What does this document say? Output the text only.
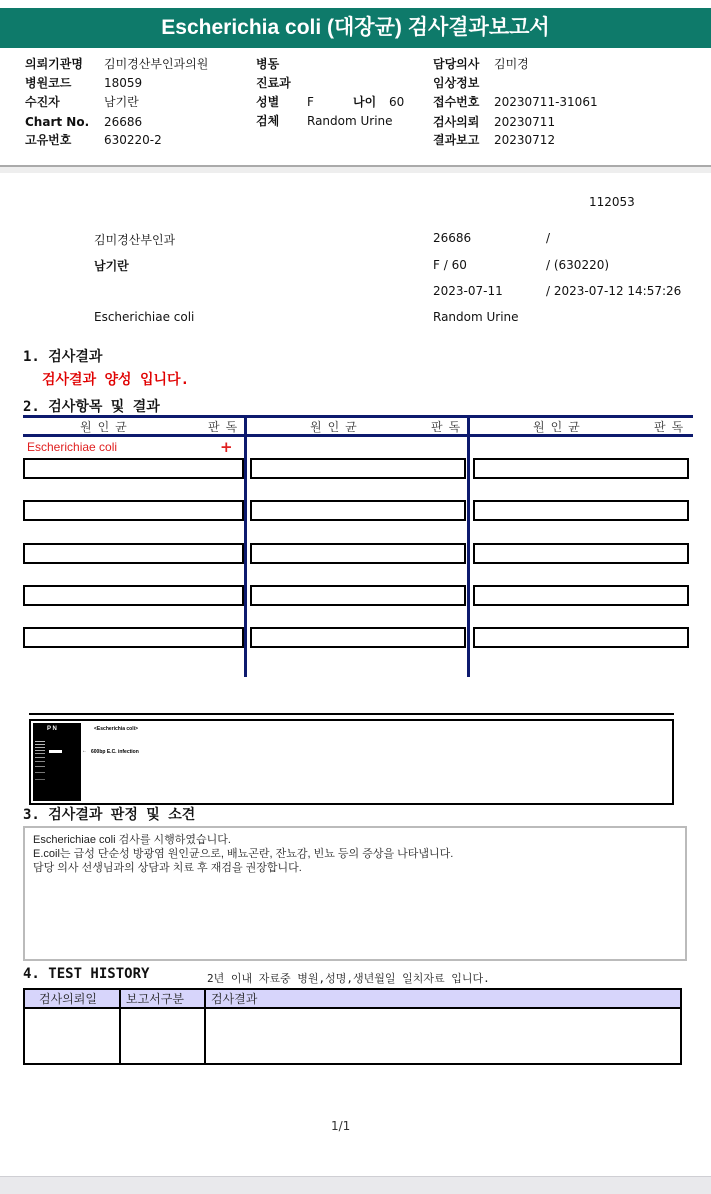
Escherichia coli (대장균) 검사결과보고서
의뢰기관명 김미경산부인과의원
병원코드	18059
수진자	남기란
Chart No. 26686
고유번호	630220-2
병동
진료과
성별 F	나이 60
검체 Random Urine
담당의사 김미경
임상정보
접수번호 20230711-31061
검사의뢰 20230711
결과보고 20230712
112053
김미경산부인과	26686	/
남기란	F / 60	/ (630220)
2023-07-11	/ 2023-07-12 14:57:26
Escherichiae coli	Random Urine
1. 검사결과
검사결과 양성 입니다.
2. 검사항목 및 결과
원인균	판독	원인균	판독	원인균	판독
Escherichiae coli	+
P N	<Escherichia coli>
← 600bp E.C. infection
3. 검사결과 판정 및 소견
Escherichiae coli 검사를 시행하였습니다.
E.coil는 급성 단순성 방광염 원인균으로, 배뇨곤란, 잔뇨감, 빈뇨 등의 증상을 나타냅니다.
담당 의사 선생님과의 상담과 치료 후 재검을 권장합니다.
4. TEST HISTORY	2년 이내 자료중 병원,성명,생년월일 일치자료 입니다.
검사의뢰일	보고서구분	검사결과
1/1
